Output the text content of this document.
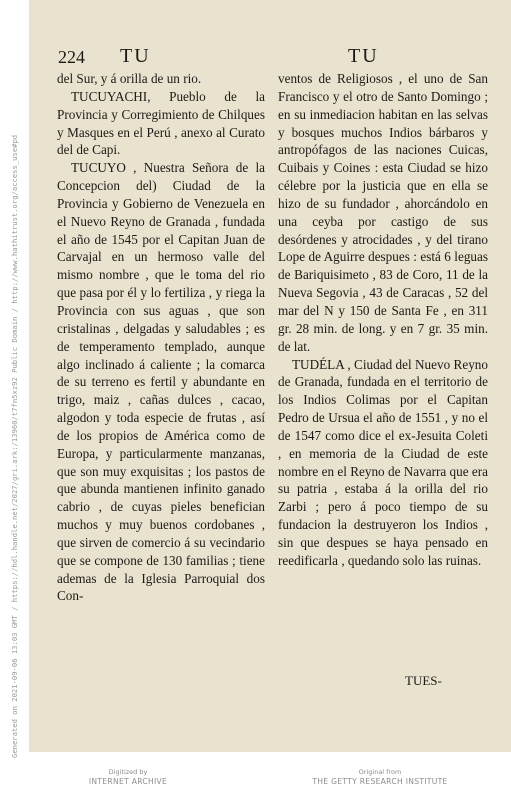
224 TU	TU

del Sur, y á orilla de un rio.

TUCUYACHI, Pueblo de la Provincia y Corregimiento de Chilques y Masques en el Perú , anexo al Curato del de Capi.

TUCUYO , Nuestra Señora de la Concepcion del) Ciudad de la Provincia y Gobierno de Venezuela en el Nuevo Reyno de Granada , fundada el año de 1545 por el Capitan Juan de Carvajal en un hermoso valle del mismo nombre , que le toma del rio que pasa por él y lo fertiliza , y riega la Provincia con sus aguas , que son cristalinas , delgadas y saludables ; es de temperamento templado, aunque algo inclinado á caliente ; la comarca de su terreno es fertil y abundante en trigo, maiz , cañas dulces , cacao, algodon y toda especie de frutas , así de los propios de América como de Europa, y particularmente manzanas, que son muy exquisitas ; los pastos de que abunda mantienen infinito ganado cabrio , de cuyas pieles benefician muchos y muy buenos cordobanes , que sirven de comercio á su vecindario que se compone de 130 familias ; tiene ademas de la Iglesia Parroquial dos Con-

ventos de Religiosos , el uno de San Francisco y el otro de Santo Domingo ; en su inmediacion habitan en las selvas y bosques muchos Indios bárbaros y antropófagos de las naciones Cuicas, Cuibais y Coines : esta Ciudad se hizo célebre por la justicia que en ella se hizo de su fundador , ahorcándolo en una ceyba por castigo de sus desórdenes y atrocidades , y del tirano Lope de Aguirre despues : está 6 leguas de Bariquisimeto , 83 de Coro, 11 de la Nueva Segovia , 43 de Caracas , 52 del mar del N y 150 de Santa Fe , en 311 gr. 28 min. de long. y en 7 gr. 35 min. de lat.

TUDÉLA , Ciudad del Nuevo Reyno de Granada, fundada en el territorio de los Indios Colimas por el Capitan Pedro de Ursua el año de 1551 , y no el de 1547 como dice el ex-Jesuita Coleti , en memoria de la Ciudad de este nombre en el Reyno de Navarra que era su patria , estaba á la orilla del rio Zarbi ; pero á poco tiempo de su fundacion la destruyeron los Indios , sin que despues se haya pensado en reedificarla , quedando solo las ruinas.

TUES-
Generated on 2021-09-06 13:03 GMT / https://hdl.handle.net/2027/gri.ark:/13960/t7fn5xz92 Public Domain / http://www.hathitrust.org/access_use#pd
Digitized by
INTERNET ARCHIVE
Original from
THE GETTY RESEARCH INSTITUTE
